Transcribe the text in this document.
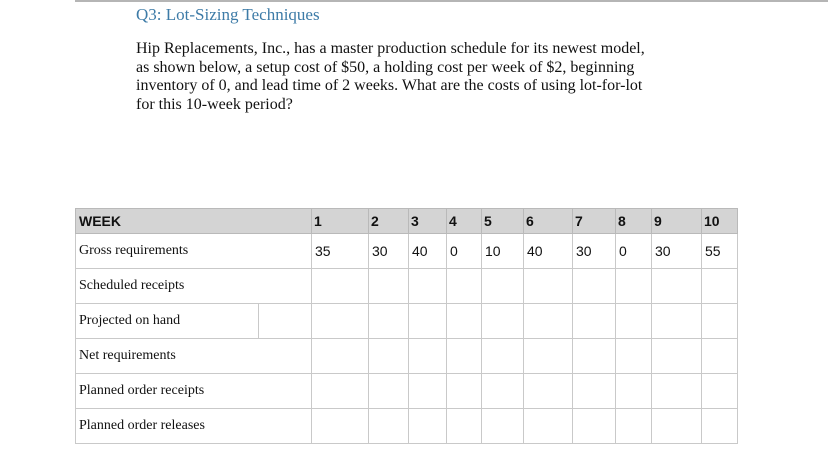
Q3: Lot-Sizing Techniques
Hip Replacements, Inc., has a master production schedule for its newest model,
as shown below, a setup cost of $50, a holding cost per week of $2, beginning
inventory of 0, and lead time of 2 weeks. What are the costs of using lot-for-lot
for this 10-week period?
WEEK		1	2	3	4	5	6	7	8	9	10
Gross requirements		35	30	40	0	10	40	30	0	30	55
Scheduled receipts											
Projected on hand											
Net requirements											
Planned order receipts											
Planned order releases											
